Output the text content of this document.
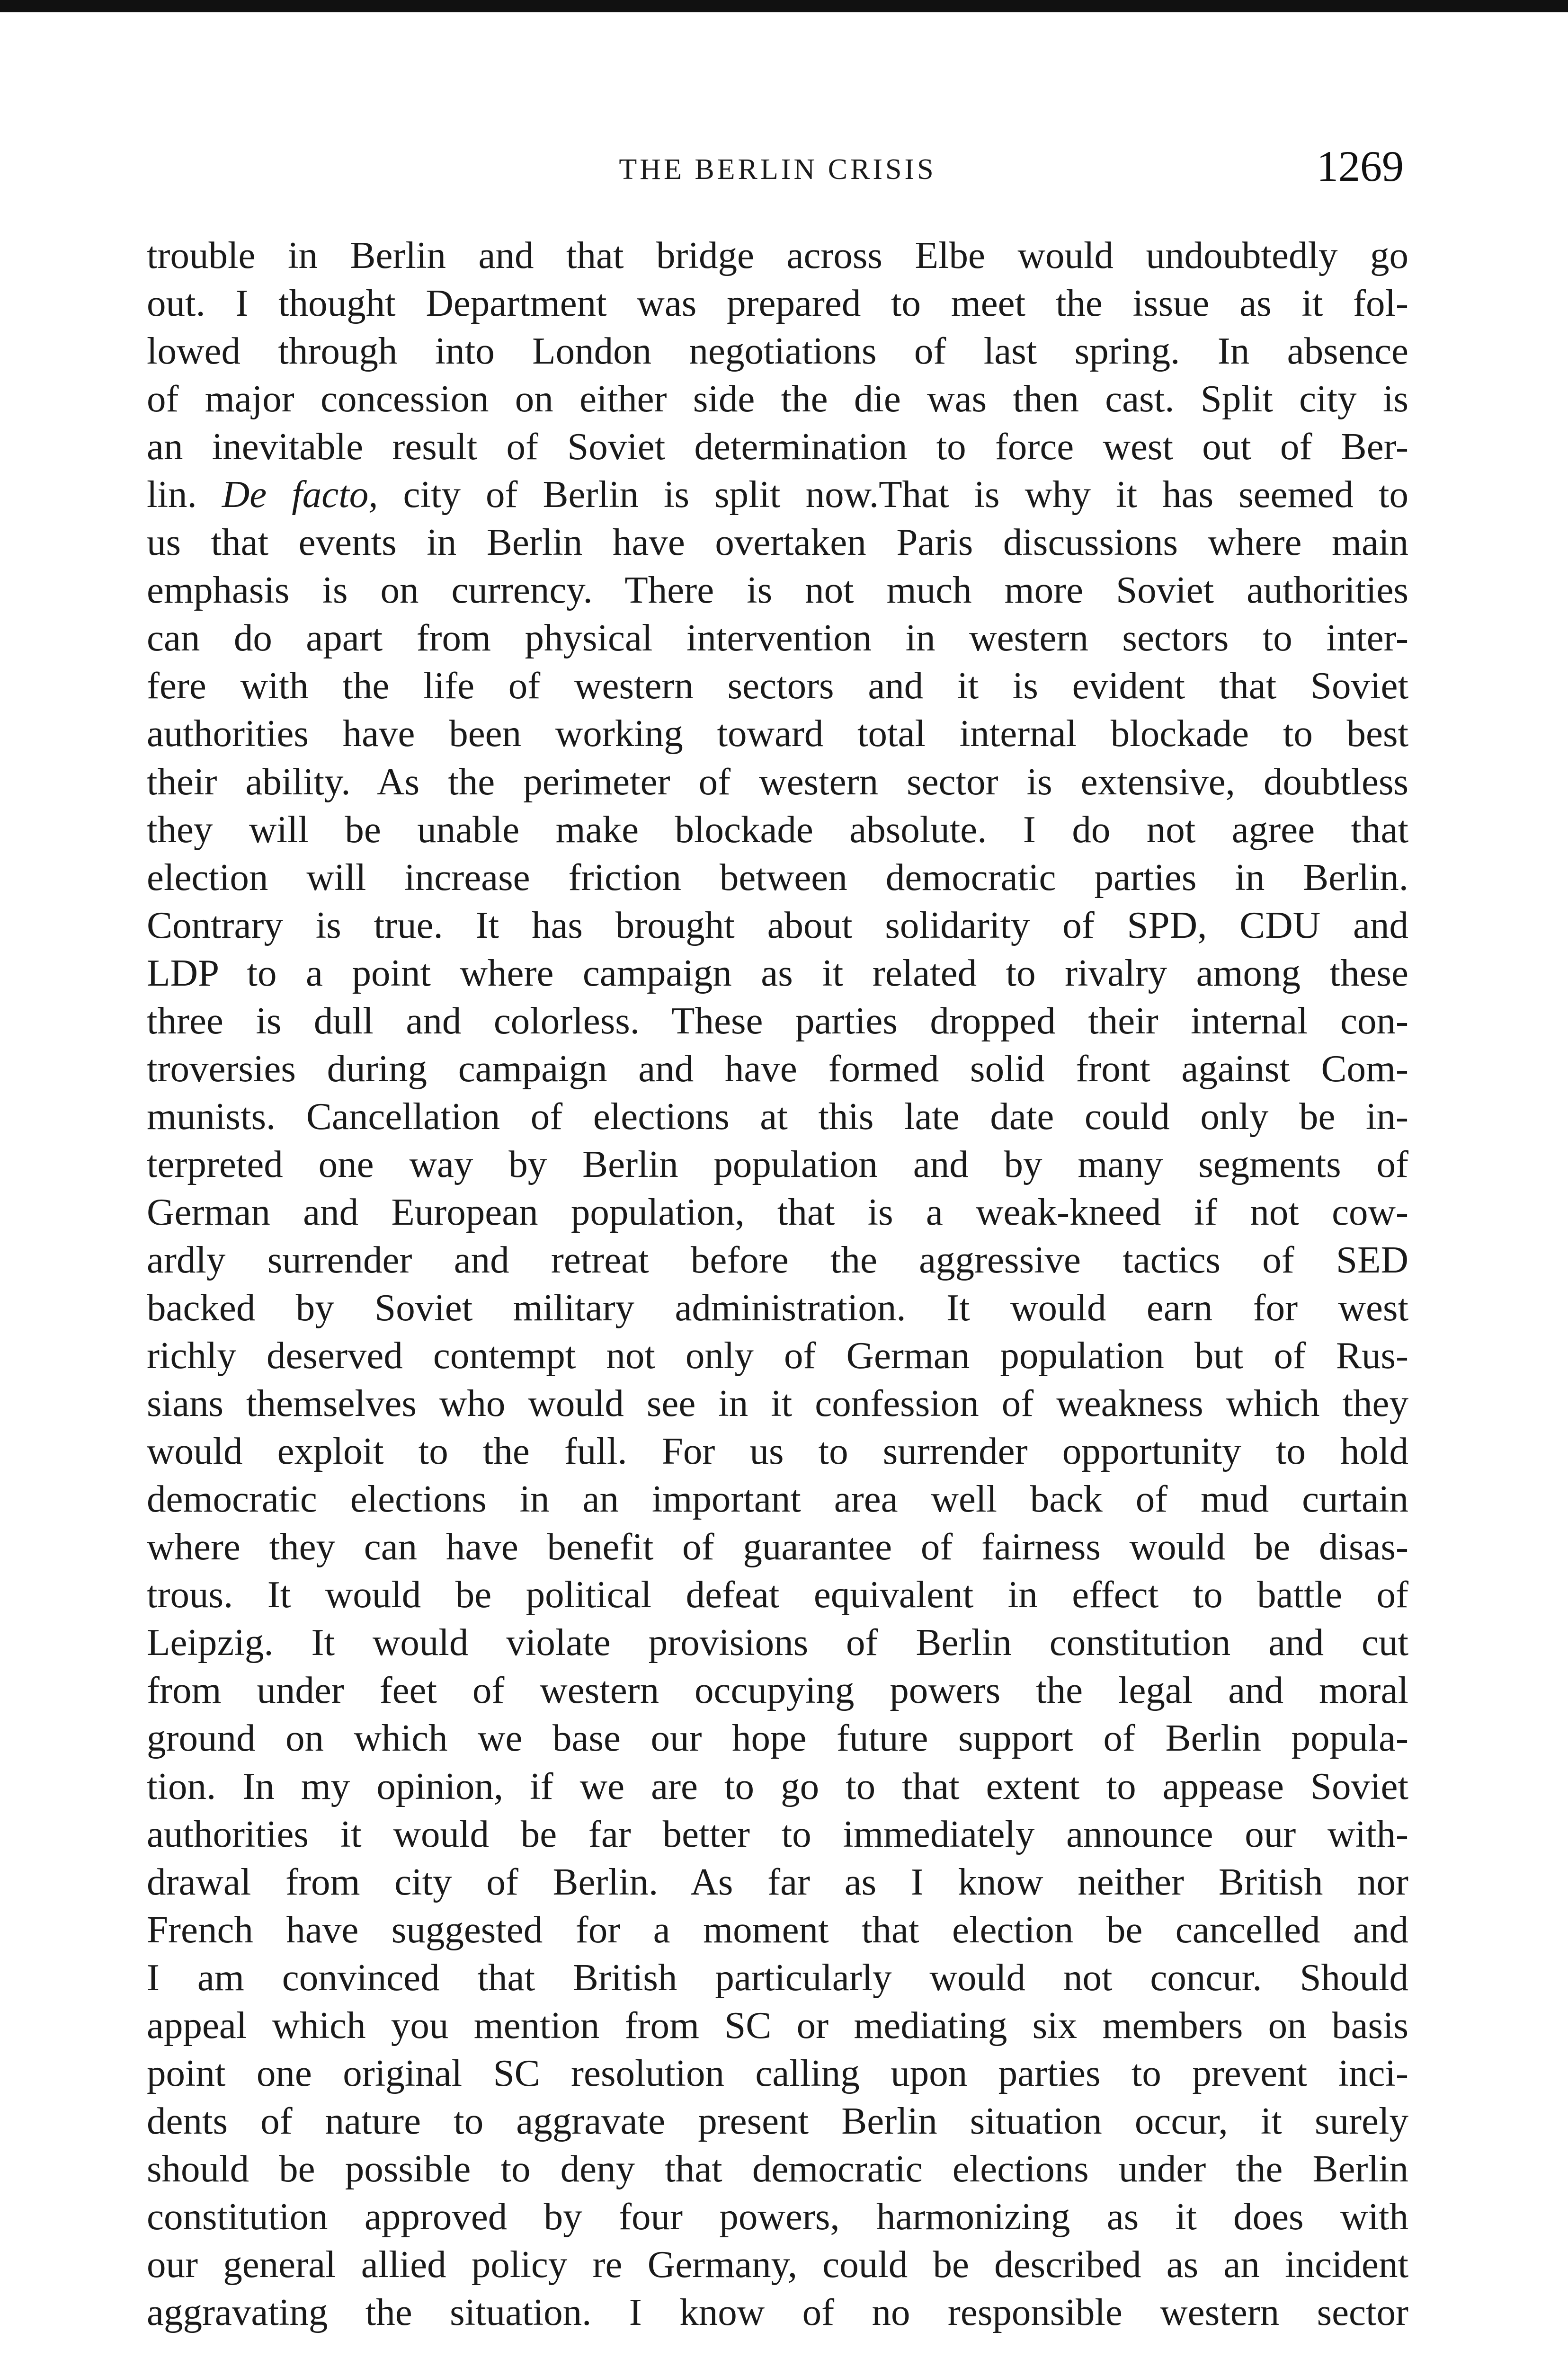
THE BERLIN CRISIS	1269
trouble in Berlin and that bridge across Elbe would undoubtedly go
out. I thought Department was prepared to meet the issue as it fol-
lowed through into London negotiations of last spring. In absence
of major concession on either side the die was then cast. Split city is
an inevitable result of Soviet determination to force west out of Ber-
lin. De facto, city of Berlin is split now.That is why it has seemed to
us that events in Berlin have overtaken Paris discussions where main
emphasis is on currency. There is not much more Soviet authorities
can do apart from physical intervention in western sectors to inter-
fere with the life of western sectors and it is evident that Soviet
authorities have been working toward total internal blockade to best
their ability. As the perimeter of western sector is extensive, doubtless
they will be unable make blockade absolute. I do not agree that
election will increase friction between democratic parties in Berlin.
Contrary is true. It has brought about solidarity of SPD, CDU and
LDP to a point where campaign as it related to rivalry among these
three is dull and colorless. These parties dropped their internal con-
troversies during campaign and have formed solid front against Com-
munists. Cancellation of elections at this late date could only be in-
terpreted one way by Berlin population and by many segments of
German and European population, that is a weak-kneed if not cow-
ardly surrender and retreat before the aggressive tactics of SED
backed by Soviet military administration. It would earn for west
richly deserved contempt not only of German population but of Rus-
sians themselves who would see in it confession of weakness which they
would exploit to the full. For us to surrender opportunity to hold
democratic elections in an important area well back of mud curtain
where they can have benefit of guarantee of fairness would be disas-
trous. It would be political defeat equivalent in effect to battle of
Leipzig. It would violate provisions of Berlin constitution and cut
from under feet of western occupying powers the legal and moral
ground on which we base our hope future support of Berlin popula-
tion. In my opinion, if we are to go to that extent to appease Soviet
authorities it would be far better to immediately announce our with-
drawal from city of Berlin. As far as I know neither British nor
French have suggested for a moment that election be cancelled and
I am convinced that British particularly would not concur. Should
appeal which you mention from SC or mediating six members on basis
point one original SC resolution calling upon parties to prevent inci-
dents of nature to aggravate present Berlin situation occur, it surely
should be possible to deny that democratic elections under the Berlin
constitution approved by four powers, harmonizing as it does with
our general allied policy re Germany, could be described as an incident
aggravating the situation. I know of no responsible western sector
